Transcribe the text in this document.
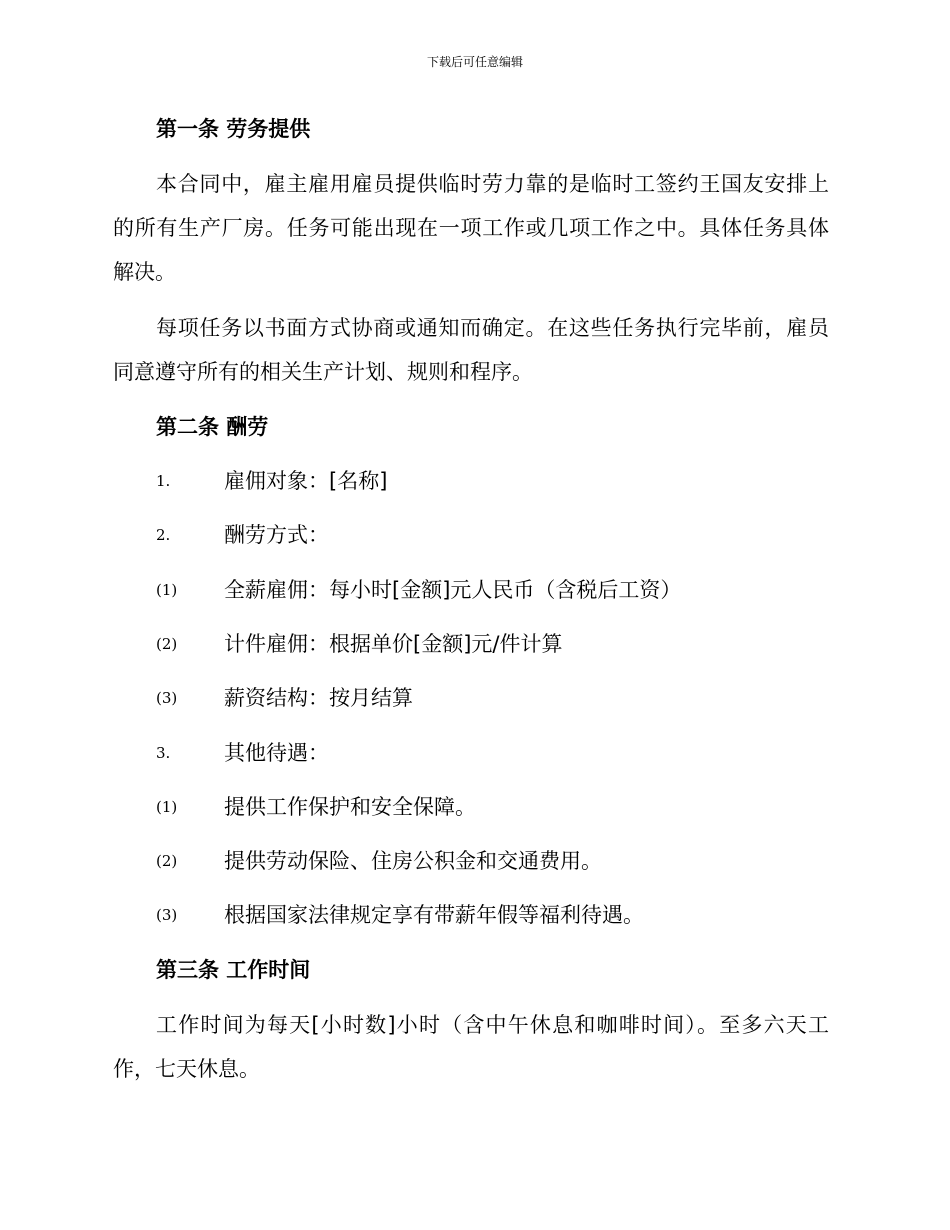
下载后可任意编辑
第一条 劳务提供
本合同中，雇主雇用雇员提供临时劳力靠的是临时工签约王国友安排上
的所有生产厂房。任务可能出现在一项工作或几项工作之中。具体任务具体
解决。
每项任务以书面方式协商或通知而确定。在这些任务执行完毕前，雇员
同意遵守所有的相关生产计划、规则和程序。
第二条 酬劳
1.	雇佣对象：[名称]
2.	酬劳方式：
(1) 全薪雇佣：每小时[金额]元人民币（含税后工资）
(2) 计件雇佣：根据单价[金额]元/件计算
(3) 薪资结构：按月结算
3.	其他待遇：
(1) 提供工作保护和安全保障。
(2) 提供劳动保险、住房公积金和交通费用。
(3) 根据国家法律规定享有带薪年假等福利待遇。
第三条 工作时间
工作时间为每天[小时数]小时（含中午休息和咖啡时间）。至多六天工
作，七天休息。
